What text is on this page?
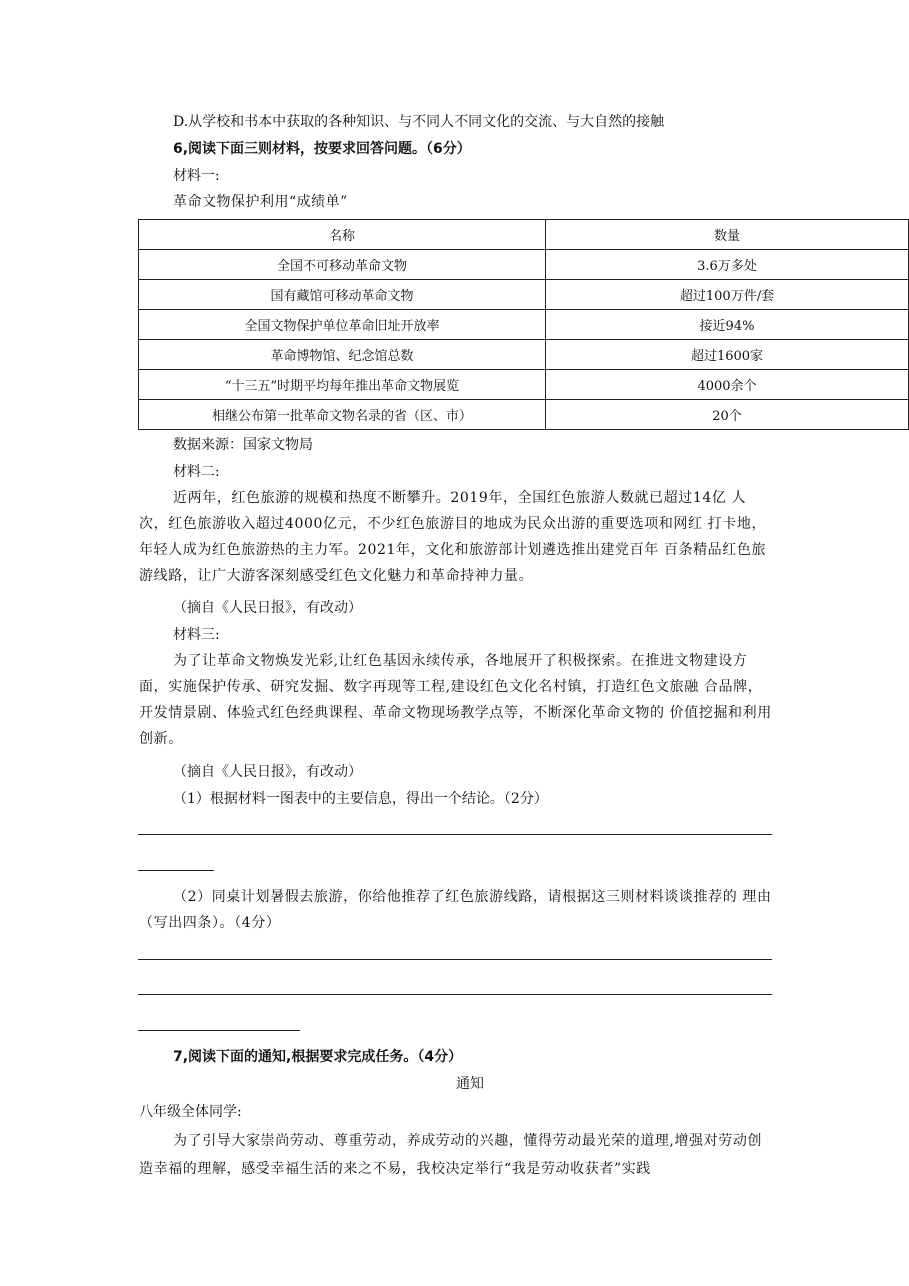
D.从学校和书本中获取的各种知识、与不同人不同文化的交流、与大自然的接触
6,阅读下面三则材料，按要求回答问题。（6分）
材料一:
革命文物保护利用“成绩单”
名称	数量
全国不可移动革命文物	3.6万多处
国有藏馆可移动革命文物	超过100万件/套
全国文物保护单位革命旧址开放率	接近94%
革命博物馆、纪念馆总数	超过1600家
“十三五”时期平均每年推出革命文物展览	4000余个
相继公布第一批革命文物名录的省（区、市）	20个
数据来源：国家文物局
材料二:
近两年，红色旅游的规模和热度不断攀升。2019年，全国红色旅游人数就已超过14亿 人次，红色旅游收入超过4000亿元，不少红色旅游目的地成为民众出游的重要选项和网红 打卡地，年轻人成为红色旅游热的主力军。2021年，文化和旅游部计划遴选推出建党百年 百条精品红色旅游线路，让广大游客深刻感受红色文化魅力和革命持神力量。
（摘自《人民日报》，有改动）
材料三:
为了让革命文物焕发光彩,让红色基因永续传承，各地展开了积极探索。在推进文物建设方面，实施保护传承、研究发掘、数字再现等工程,建设红色文化名村镇，打造红色文旅融 合品牌，开发情景剧、体验式红色经典课程、革命文物现场教学点等，不断深化革命文物的 价值挖掘和利用创新。
（摘自《人民日报》，有改动）
（1）根据材料一图表中的主要信息，得出一个结论。（2分）
（2）同桌计划暑假去旅游，你给他推荐了红色旅游线路，请根据这三则材料谈谈推荐的 理由（写出四条）。（4分）
7,阅读下面的通知,根据要求完成任务。（4分）
通知
八年级全体同学:
为了引导大家崇尚劳动、尊重劳动，养成劳动的兴趣，懂得劳动最光荣的道理,增强对劳动创造幸福的理解，感受幸福生活的来之不易，我校决定举行“我是劳动收获者”实践
